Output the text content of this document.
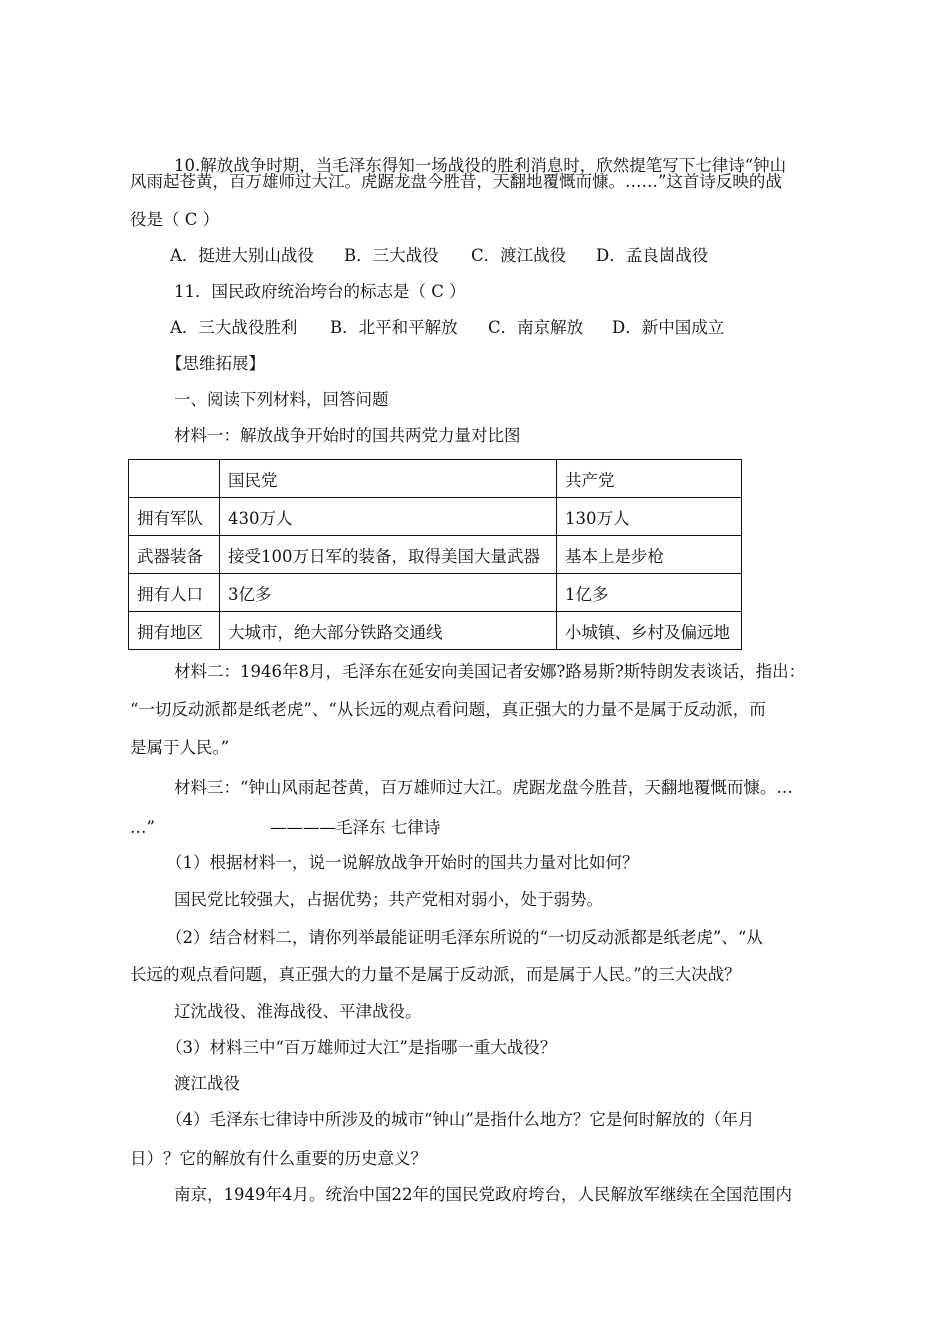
10.解放战争时期，当毛泽东得知一场战役的胜利消息时，欣然提笔写下七律诗“钟山
风雨起苍黄，百万雄师过大江。虎踞龙盘今胜昔，天翻地覆慨而慷。……”这首诗反映的战
役是（ C ）
A．挺进大别山战役 B．三大战役 C．渡江战役 D．孟良崮战役
11．国民政府统治垮台的标志是（ C ）
A．三大战役胜利 B．北平和平解放 C．南京解放 D．新中国成立
【思维拓展】
一、阅读下列材料，回答问题
材料一：解放战争开始时的国共两党力量对比图
	国民党	共产党
拥有军队	430万人	130万人
武器装备	接受100万日军的装备，取得美国大量武器	基本上是步枪
拥有人口	3亿多	1亿多
拥有地区	大城市，绝大部分铁路交通线	小城镇、乡村及偏远地
材料二：1946年8月，毛泽东在延安向美国记者安娜?路易斯?斯特朗发表谈话，指出：
“一切反动派都是纸老虎”、“从长远的观点看问题，真正强大的力量不是属于反动派，而
是属于人民。”
材料三：“钟山风雨起苍黄，百万雄师过大江。虎踞龙盘今胜昔，天翻地覆慨而慷。…
…”	————毛泽东 七律诗
（1）根据材料一，说一说解放战争开始时的国共力量对比如何？
国民党比较强大，占据优势；共产党相对弱小，处于弱势。
（2）结合材料二，请你列举最能证明毛泽东所说的“一切反动派都是纸老虎”、“从
长远的观点看问题，真正强大的力量不是属于反动派，而是属于人民。”的三大决战？
辽沈战役、淮海战役、平津战役。
（3）材料三中“百万雄师过大江”是指哪一重大战役？
渡江战役
（4）毛泽东七律诗中所涉及的城市“钟山”是指什么地方？它是何时解放的（年月
日）？它的解放有什么重要的历史意义？
南京，1949年4月。统治中国22年的国民党政府垮台，人民解放军继续在全国范围内
